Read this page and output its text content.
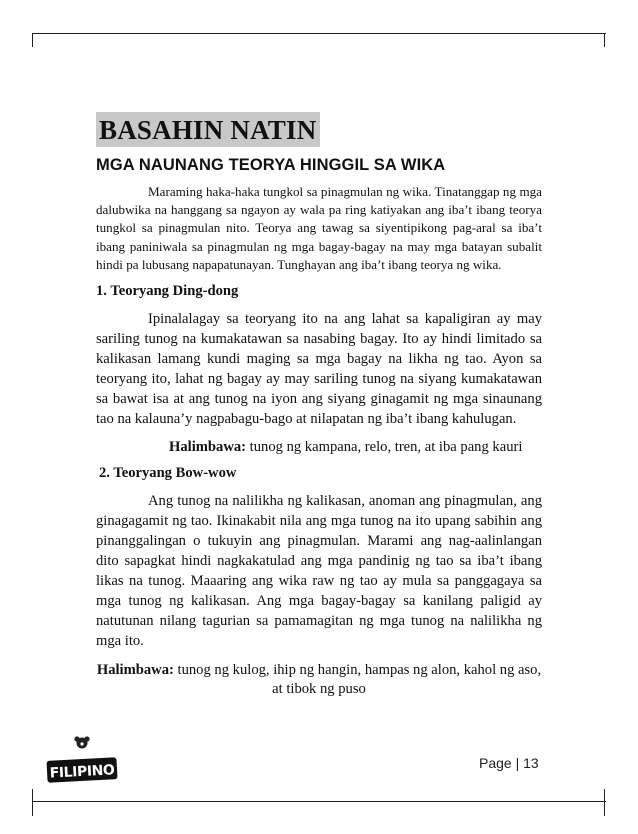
BASAHIN NATIN
MGA NAUNANG TEORYA HINGGIL SA WIKA

Maraming haka-haka tungkol sa pinagmulan ng wika. Tinatanggap ng mga dalubwika na hanggang sa ngayon ay wala pa ring katiyakan ang iba’t ibang teorya tungkol sa pinagmulan nito. Teorya ang tawag sa siyentipikong pag-aral sa iba’t ibang paniniwala sa pinagmulan ng mga bagay-bagay na may mga batayan subalit hindi pa lubusang napapatunayan. Tunghayan ang iba’t ibang teorya ng wika.

1. Teoryang Ding-dong

Ipinalalagay sa teoryang ito na ang lahat sa kapaligiran ay may sariling tunog na kumakatawan sa nasabing bagay. Ito ay hindi limitado sa kalikasan lamang kundi maging sa mga bagay na likha ng tao. Ayon sa teoryang ito, lahat ng bagay ay may sariling tunog na siyang kumakatawan sa bawat isa at ang tunog na iyon ang siyang ginagamit ng mga sinaunang tao na kalauna’y nagpabagu-bago at nilapatan ng iba’t ibang kahulugan.

Halimbawa: tunog ng kampana, relo, tren, at iba pang kauri
2. Teoryang Bow-wow

Ang tunog na nalilikha ng kalikasan, anoman ang pinagmulan, ang ginagagamit ng tao. Ikinakabit nila ang mga tunog na ito upang sabihin ang pinanggalingan o tukuyin ang pinagmulan. Marami ang nag-aalinlangan dito sapagkat hindi nagkakatulad ang mga pandinig ng tao sa iba’t ibang likas na tunog. Maaaring ang wika raw ng tao ay mula sa panggagaya sa mga tunog ng kalikasan. Ang mga bagay-bagay sa kanilang paligid ay natutunan nilang tagurian sa pamamagitan ng mga tunog na nalilikha ng mga ito.

Halimbawa: tunog ng kulog, ihip ng hangin, hampas ng alon, kahol ng aso, at tibok ng puso
FILIPINO	Page | 13
